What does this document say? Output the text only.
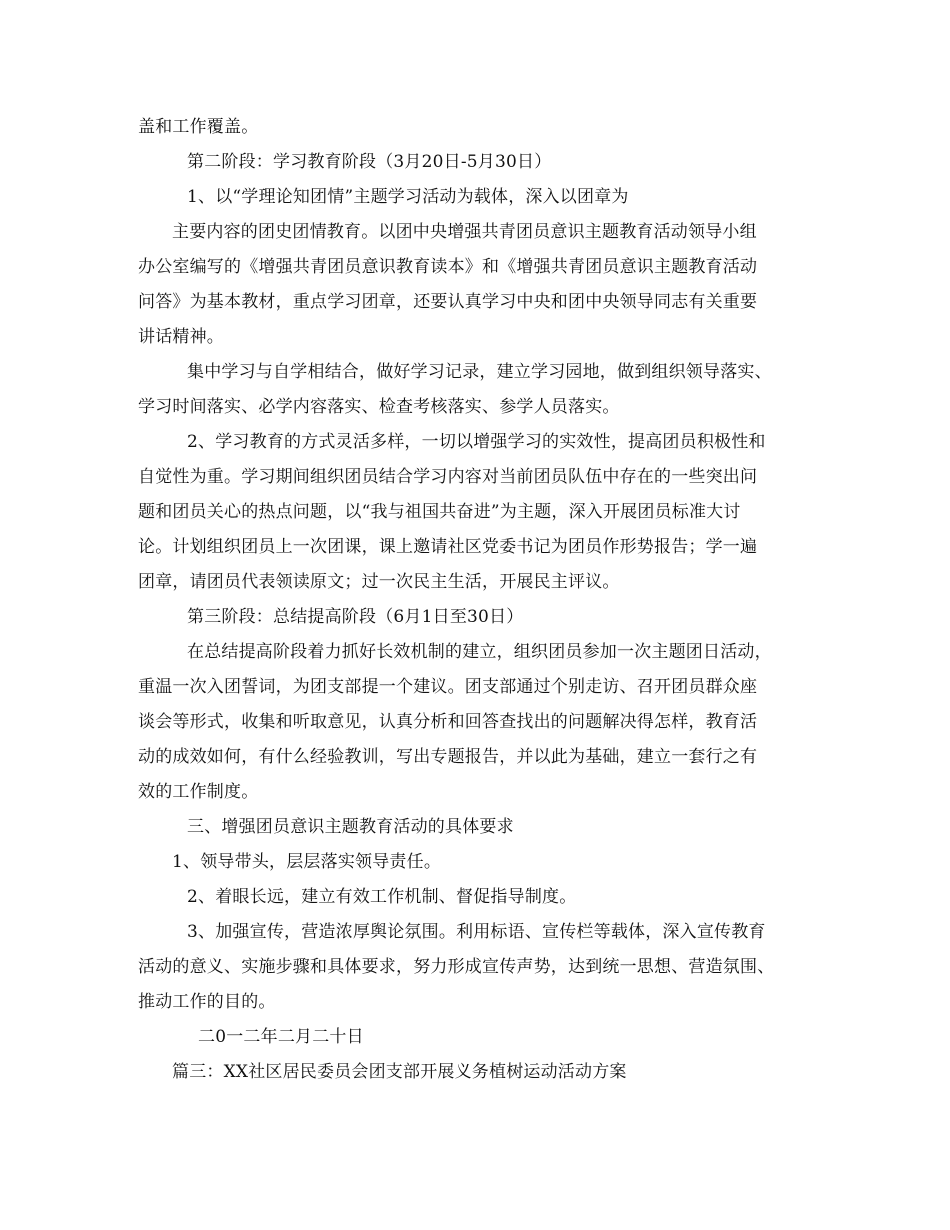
盖和工作覆盖。
第二阶段：学习教育阶段（3月20日-5月30日）
1、以“学理论知团情”主题学习活动为载体，深入以团章为
主要内容的团史团情教育。以团中央增强共青团员意识主题教育活动领导小组
办公室编写的《增强共青团员意识教育读本》和《增强共青团员意识主题教育活动
问答》为基本教材，重点学习团章，还要认真学习中央和团中央领导同志有关重要
讲话精神。
集中学习与自学相结合，做好学习记录，建立学习园地，做到组织领导落实、
学习时间落实、必学内容落实、检查考核落实、参学人员落实。
2、学习教育的方式灵活多样，一切以增强学习的实效性，提高团员积极性和
自觉性为重。学习期间组织团员结合学习内容对当前团员队伍中存在的一些突出问
题和团员关心的热点问题，以“我与祖国共奋进”为主题，深入开展团员标准大讨
论。计划组织团员上一次团课，课上邀请社区党委书记为团员作形势报告；学一遍
团章，请团员代表领读原文；过一次民主生活，开展民主评议。
第三阶段：总结提高阶段（6月1日至30日）
在总结提高阶段着力抓好长效机制的建立，组织团员参加一次主题团日活动，
重温一次入团誓词，为团支部提一个建议。团支部通过个别走访、召开团员群众座
谈会等形式，收集和听取意见，认真分析和回答查找出的问题解决得怎样，教育活
动的成效如何，有什么经验教训，写出专题报告，并以此为基础，建立一套行之有
效的工作制度。
三、增强团员意识主题教育活动的具体要求
1、领导带头，层层落实领导责任。
2、着眼长远，建立有效工作机制、督促指导制度。
3、加强宣传，营造浓厚舆论氛围。利用标语、宣传栏等载体，深入宣传教育
活动的意义、实施步骤和具体要求，努力形成宣传声势，达到统一思想、营造氛围、
推动工作的目的。
二0一二年二月二十日
篇三：XX社区居民委员会团支部开展义务植树运动活动方案
